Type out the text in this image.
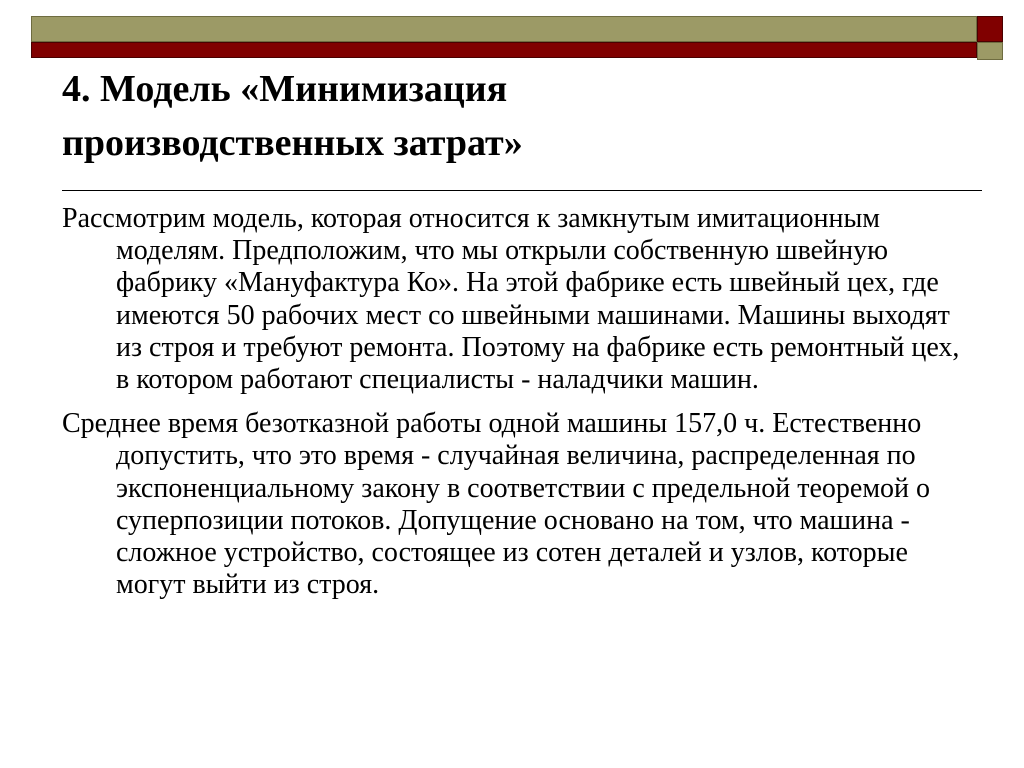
4. Модель «Минимизация
производственных затрат»

Рассмотрим модель, которая относится к замкнутым имитационным моделям. Предположим, что мы открыли собственную швейную фабрику «Мануфактура Ко». На этой фабрике есть швейный цех, где имеются 50 рабочих мест со швейными машинами. Машины выходят из строя и требуют ремонта. Поэтому на фабрике есть ремонтный цех, в котором работают специалисты - наладчики машин.

Среднее время безотказной работы одной машины 157,0 ч. Естественно допустить, что это время - случайная величина, распределенная по экспоненциальному закону в соответствии с предельной теоремой о суперпозиции потоков. Допущение основано на том, что машина - сложное устройство, состоящее из сотен деталей и узлов, которые могут выйти из строя.
